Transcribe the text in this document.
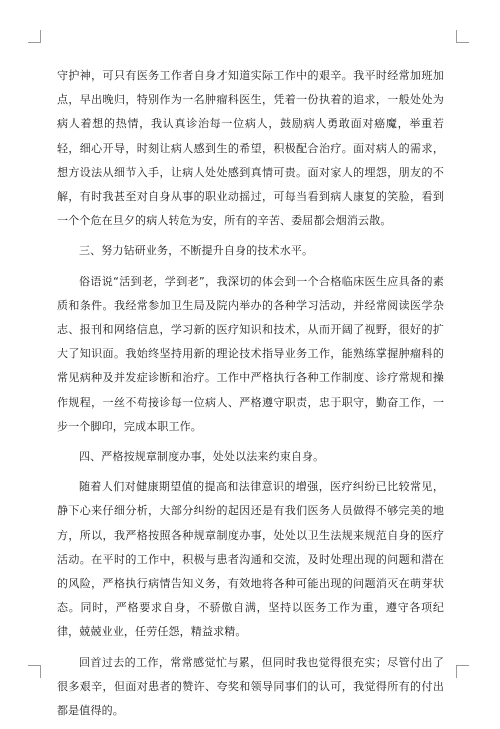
守护神，可只有医务工作者自身才知道实际工作中的艰辛。我平时经常加班加点，早出晚归，特别作为一名肿瘤科医生，凭着一份执着的追求，一般处处为病人着想的热情，我认真诊治每一位病人，鼓励病人勇敢面对癌魔，举重若轻，细心开导，时刻让病人感到生的希望，积极配合治疗。面对病人的需求，想方设法从细节入手，让病人处处感到真情可贵。面对家人的埋怨，朋友的不解，有时我甚至对自身从事的职业动摇过，可每当看到病人康复的笑脸，看到一个个危在旦夕的病人转危为安，所有的辛苦、委屈都会烟消云散。

三、努力钻研业务，不断提升自身的技术水平。

俗语说“活到老，学到老”，我深切的体会到一个合格临床医生应具备的素质和条件。我经常参加卫生局及院内举办的各种学习活动，并经常阅读医学杂志、报刊和网络信息，学习新的医疗知识和技术，从而开阔了视野，很好的扩大了知识面。我始终坚持用新的理论技术指导业务工作，能熟练掌握肿瘤科的常见病种及并发症诊断和治疗。工作中严格执行各种工作制度、诊疗常规和操作规程，一丝不苟接诊每一位病人、严格遵守职责，忠于职守，勤奋工作，一步一个脚印，完成本职工作。

四、严格按规章制度办事，处处以法来约束自身。

随着人们对健康期望值的提高和法律意识的增强，医疗纠纷已比较常见，静下心来仔细分析，大部分纠纷的起因还是有我们医务人员做得不够完美的地方，所以，我严格按照各种规章制度办事，处处以卫生法规来规范自身的医疗活动。在平时的工作中，积极与患者沟通和交流，及时处理出现的问题和潜在的风险，严格执行病情告知义务，有效地将各种可能出现的问题消灭在萌芽状态。同时，严格要求自身，不骄傲自满，坚持以医务工作为重，遵守各项纪律，兢兢业业，任劳任怨，精益求精。

回首过去的工作，常常感觉忙与累，但同时我也觉得很充实；尽管付出了很多艰辛，但面对患者的赞许、夸奖和领导同事们的认可，我觉得所有的付出都是值得的。
